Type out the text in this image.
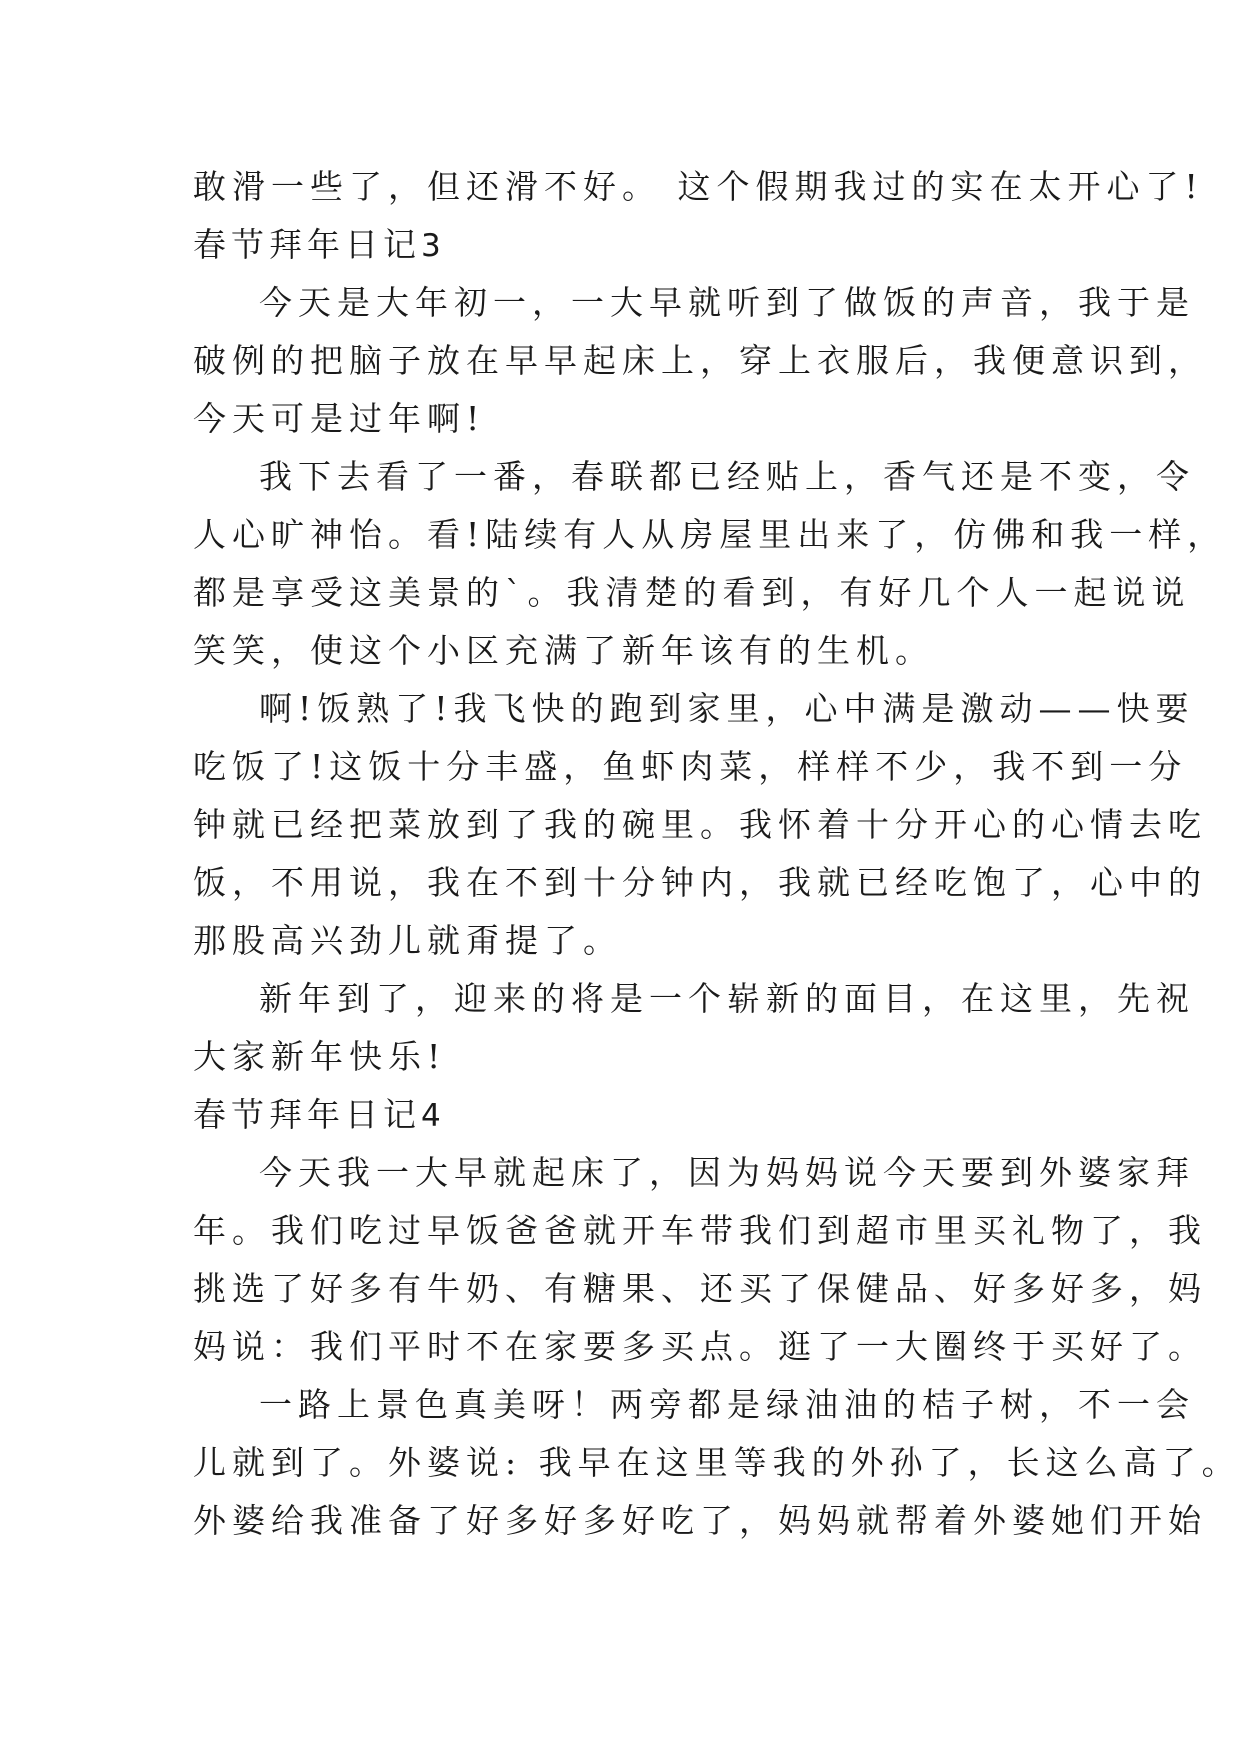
敢滑一些了，但还滑不好。 这个假期我过的实在太开心了!
春节拜年日记3
今天是大年初一，一大早就听到了做饭的声音，我于是
破例的把脑子放在早早起床上，穿上衣服后，我便意识到，
今天可是过年啊!
我下去看了一番，春联都已经贴上，香气还是不变，令
人心旷神怡。看!陆续有人从房屋里出来了，仿佛和我一样，
都是享受这美景的`。我清楚的看到，有好几个人一起说说
笑笑，使这个小区充满了新年该有的生机。
啊!饭熟了!我飞快的跑到家里，心中满是激动——快要
吃饭了!这饭十分丰盛，鱼虾肉菜，样样不少，我不到一分
钟就已经把菜放到了我的碗里。我怀着十分开心的心情去吃
饭，不用说，我在不到十分钟内，我就已经吃饱了，心中的
那股高兴劲儿就甭提了。
新年到了，迎来的将是一个崭新的面目，在这里，先祝
大家新年快乐!
春节拜年日记4
今天我一大早就起床了，因为妈妈说今天要到外婆家拜
年。我们吃过早饭爸爸就开车带我们到超市里买礼物了，我
挑选了好多有牛奶、有糖果、还买了保健品、好多好多，妈
妈说：我们平时不在家要多买点。逛了一大圈终于买好了。
一路上景色真美呀！两旁都是绿油油的桔子树，不一会
儿就到了。外婆说: 我早在这里等我的外孙了，长这么高了。
外婆给我准备了好多好多好吃了，妈妈就帮着外婆她们开始
